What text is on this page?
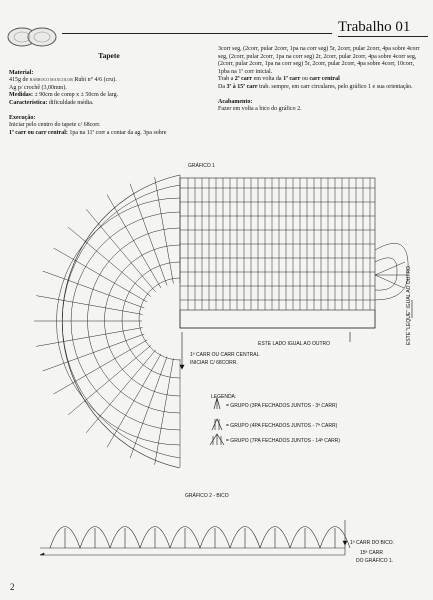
Trabalho 01
Tapete

Material:

415g de BARROCO MAXCOLOR Rubi n° 4/6 (cru).

Ag p/ crochê (3,00mm).

Medidas: ± 90cm de comp x ± 50cm de larg.

Característica: dificuldade média.

Execução:

Iniciar pelo centro do tapete c/ 68corr.

1ª carr ou carr central: 1pa na 11ª corr a contar da ag. 3pa sobre

3corr seg, (2corr, pular 2corr, 1pa na corr seg) 5r, 2corr, pular 2corr, 4pa sobre 4corr seg, (2corr, pular 2corr, 1pa na corr seg) 2r, 2corr, pular 2corr, 4pa sobre 4corr seg, (2corr, pular 2corr, 1pa na corr seg) 5r, 2corr, pular 2corr, 4pa sobre 4corr, 10corr, 1pba na 1ª corr inicial.

Trab a 2ª carr em volta da 1ª carr ou carr central

Da 3ª à 15ª carr trab. sempre, em carr circulares, pelo gráfico 1 e sua orientação.

Acabamento:

Fazer em volta a bico do gráfico 2.

GRÁFICO 1
ESTE LADO IGUAL AO OUTRO	ESTE "LEQUE" IGUAL AO OUTRO
1ª CARR OU CARR CENTRAL
INICIAR C/ 68CORR.
LEGENDA:
= GRUPO (3PA FECHADOS JUNTOS - 3ª CARR)
= GRUPO (4PA FECHADOS JUNTOS - 7ª CARR)
= GRUPO (7PA FECHADOS JUNTOS - 14ª CARR)
GRÁFICO 2 - BICO
1ª CARR DO BICO.
15ª CARR
DO GRÁFICO 1.
2
